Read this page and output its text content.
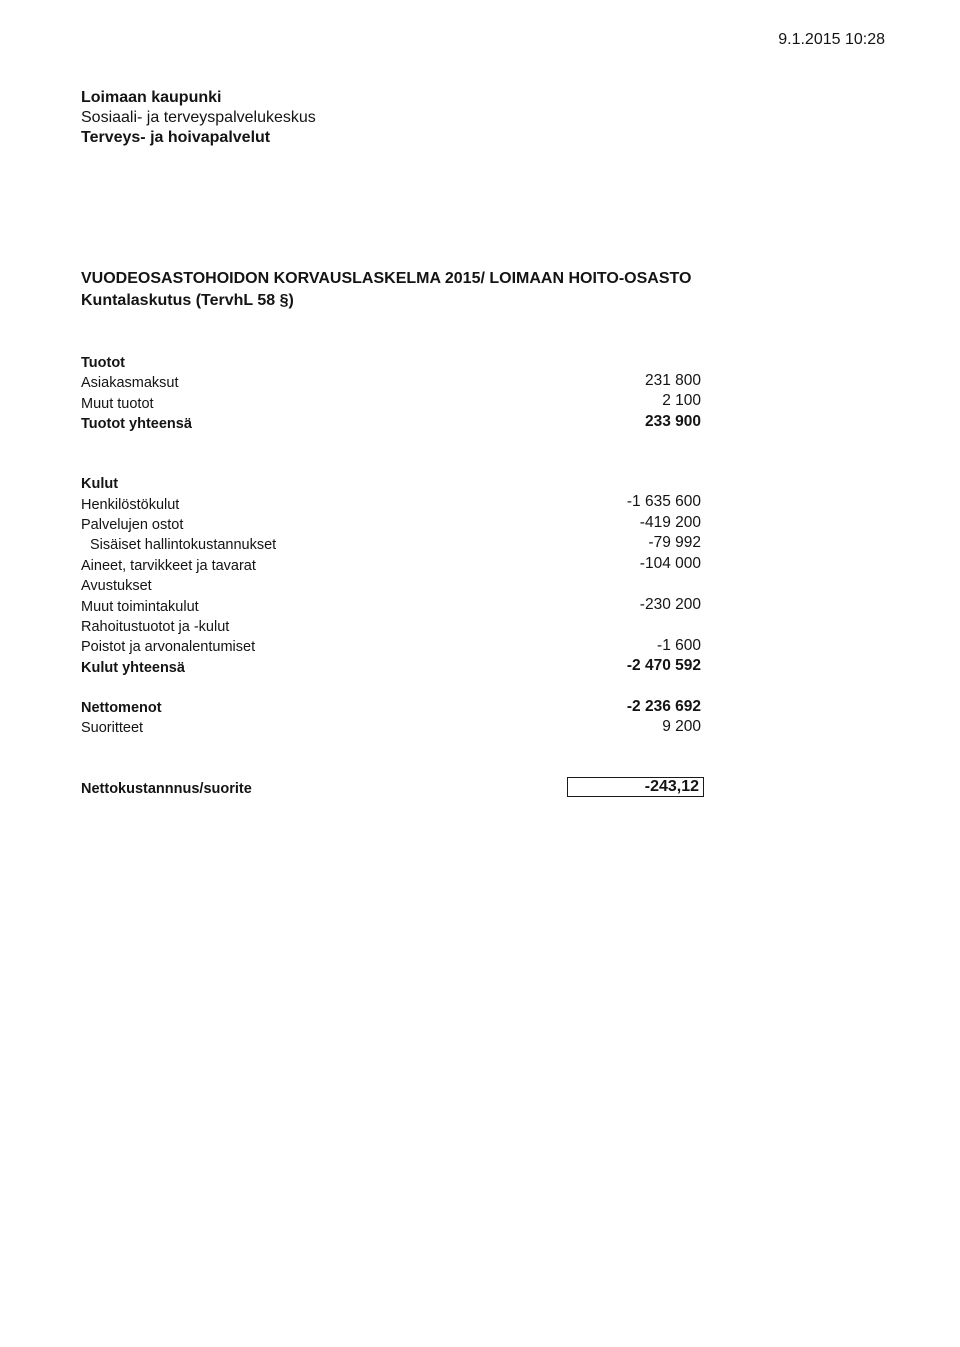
9.1.2015 10:28
Loimaan kaupunki
Sosiaali- ja terveyspalvelukeskus
Terveys- ja hoivapalvelut
VUODEOSASTOHOIDON KORVAUSLASKELMA 2015/ LOIMAAN HOITO-OSASTO
Kuntalaskutus (TervhL 58 §)
Tuotot
Asiakasmaksut	231 800
Muut tuotot	2 100
Tuotot yhteensä	233 900
Kulut
Henkilöstökulut	-1 635 600
Palvelujen ostot	-419 200
Sisäiset hallintokustannukset	-79 992
Aineet, tarvikkeet ja tavarat	-104 000
Avustukset
Muut toimintakulut	-230 200
Rahoitustuotot ja -kulut
Poistot ja arvonalentumiset	-1 600
Kulut yhteensä	-2 470 592
Nettomenot	-2 236 692
Suoritteet	9 200
Nettokustannnus/suorite	-243,12
